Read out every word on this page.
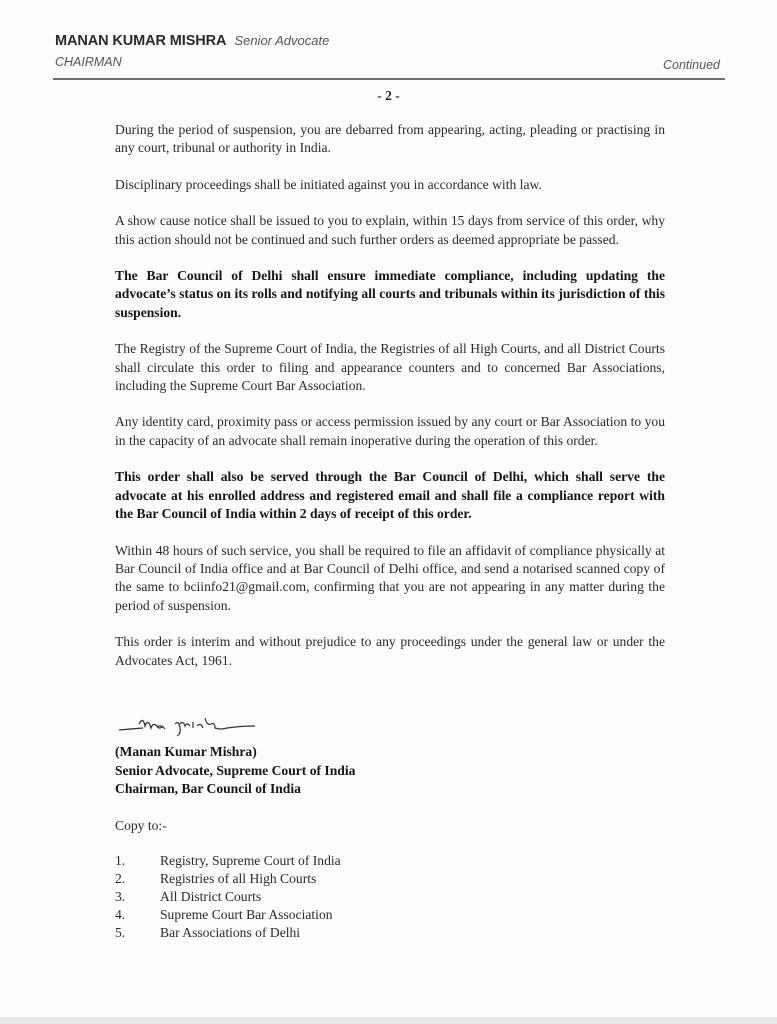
MANAN KUMAR MISHRA Senior Advocate
CHAIRMAN	Continued
- 2 -

During the period of suspension, you are debarred from appearing, acting, pleading or practising in any court, tribunal or authority in India.

Disciplinary proceedings shall be initiated against you in accordance with law.

A show cause notice shall be issued to you to explain, within 15 days from service of this order, why this action should not be continued and such further orders as deemed appropriate be passed.

The Bar Council of Delhi shall ensure immediate compliance, including updating the advocate’s status on its rolls and notifying all courts and tribunals within its jurisdiction of this suspension.

The Registry of the Supreme Court of India, the Registries of all High Courts, and all District Courts shall circulate this order to filing and appearance counters and to concerned Bar Associations, including the Supreme Court Bar Association.

Any identity card, proximity pass or access permission issued by any court or Bar Association to you in the capacity of an advocate shall remain inoperative during the operation of this order.

This order shall also be served through the Bar Council of Delhi, which shall serve the advocate at his enrolled address and registered email and shall file a compliance report with the Bar Council of India within 2 days of receipt of this order.

Within 48 hours of such service, you shall be required to file an affidavit of compliance physically at Bar Council of India office and at Bar Council of Delhi office, and send a notarised scanned copy of the same to bciinfo21@gmail.com, confirming that you are not appearing in any matter during the period of suspension.

This order is interim and without prejudice to any proceedings under the general law or under the Advocates Act, 1961.

(Manan Kumar Mishra)
Senior Advocate, Supreme Court of India
Chairman, Bar Council of India
Copy to:-
1.	Registry, Supreme Court of India
2.	Registries of all High Courts
3.	All District Courts
4.	Supreme Court Bar Association
5.	Bar Associations of Delhi
